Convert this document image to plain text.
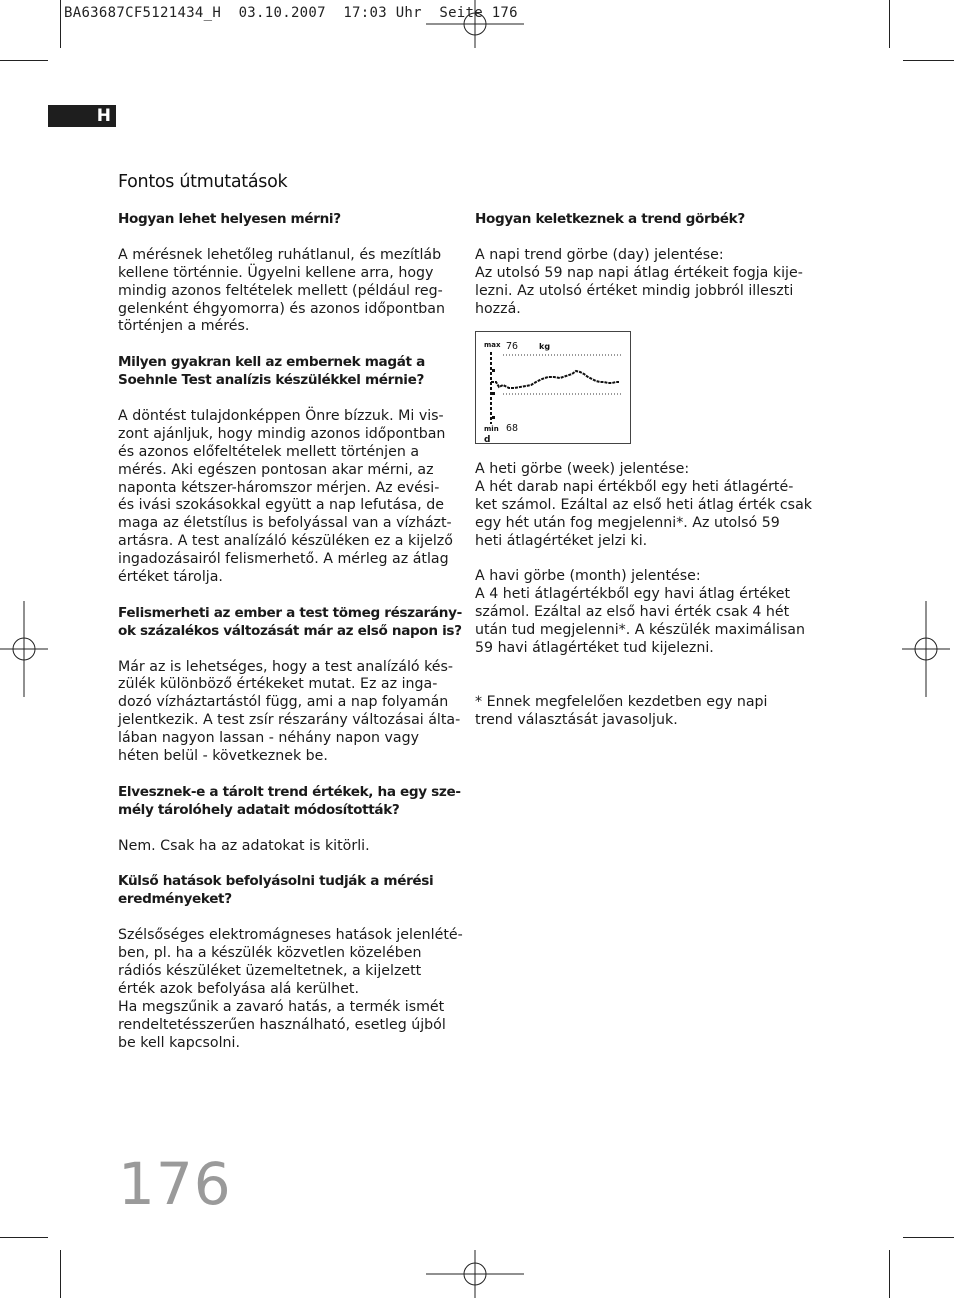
BA63687CF5121434_H  03.10.2007  17:03 Uhr  Seite 176
H
Fontos útmutatások

Hogyan lehet helyesen mérni?

A mérésnek lehetőleg ruhátlanul, és mezítláb

kellene történnie. Ügyelni kellene arra, hogy

mindig azonos feltételek mellett (például reg-

gelenként éhgyomorra) és azonos időpontban

történjen a mérés.

Milyen gyakran kell az embernek magát a

Soehnle Test analízis készülékkel mérnie?

A döntést tulajdonképpen Önre bízzuk. Mi vis-

zont ajánljuk, hogy mindig azonos időpontban

és azonos előfeltételek mellett történjen a

mérés. Aki egészen pontosan akar mérni, az

naponta kétszer-háromszor mérjen. Az evési-

és ivási szokásokkal együtt a nap lefutása, de

maga az életstílus is befolyással van a vízházt-

artásra. A test analízáló készüléken ez a kijelző

ingadozásairól felismerhető. A mérleg az átlag

értéket tárolja.

Felismerheti az ember a test tömeg részarány-

ok százalékos változását már az első napon is?

Már az is lehetséges, hogy a test analízáló kés-

zülék különböző értékeket mutat. Ez az inga-

dozó vízháztartástól függ, ami a nap folyamán

jelentkezik. A test zsír részarány változásai álta-

lában nagyon lassan - néhány napon vagy

héten belül - következnek be.

Elvesznek-e a tárolt trend értékek, ha egy sze-

mély tárolóhely adatait módosították?

Nem. Csak ha az adatokat is kitörli.

Külső hatások befolyásolni tudják a mérési

eredményeket?

Szélsőséges elektromágneses hatások jelenlété-

ben, pl. ha a készülék közvetlen közelében

rádiós készüléket üzemeltetnek, a kijelzett

érték azok befolyása alá kerülhet.

Ha megszűnik a zavaró hatás, a termék ismét

rendeltetésszerűen használható, esetleg újból

be kell kapcsolni.

Hogyan keletkeznek a trend görbék?

A napi trend görbe (day) jelentése:

Az utolsó 59 nap napi átlag értékeit fogja kije-

lezni. Az utolsó értéket mindig jobbról illeszti

hozzá.

max 76	kg
min 68
d

A heti görbe (week) jelentése:

A hét darab napi értékből egy heti átlagérté-

ket számol. Ezáltal az első heti átlag érték csak

egy hét után fog megjelenni*. Az utolsó 59

heti átlagértéket jelzi ki.

A havi görbe (month) jelentése:

A 4 heti átlagértékből egy havi átlag értéket

számol. Ezáltal az első havi érték csak 4 hét

után tud megjelenni*. A készülék maximálisan

59 havi átlagértéket tud kijelezni.

* Ennek megfelelően kezdetben egy napi

trend választását javasoljuk.

176
